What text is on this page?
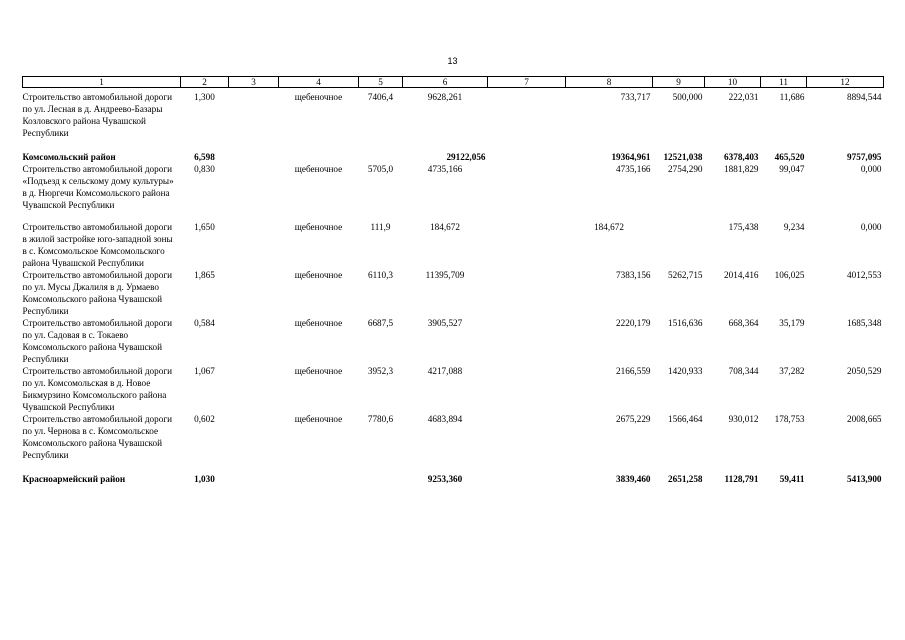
13
1	2	3	4	5	6	7	8	9	10	11	12
Строительство автомобильной дороги по ул. Лесная в д. Андреево-Базары Козловского района Чувашской Республики	1,300		щебеночное	7406,4	9628,261		733,717	500,000	222,031	11,686	8894,544
Комсомольский район	6,598				29122,056		19364,961	12521,038	6378,403	465,520	9757,095
Строительство автомобильной дороги «Подъезд к сельскому дому культуры» в д. Нюргечи Комсомольского района Чувашской Республики	0,830		щебеночное	5705,0	4735,166		4735,166	2754,290	1881,829	99,047	0,000
Строительство автомобильной дороги в жилой застройке юго-западной зоны в с. Комсомольское Комсомольского района Чувашской Республики	1,650		щебеночное	111,9	184,672		184,672		175,438	9,234	0,000
Строительство автомобильной дороги по ул. Мусы Джалиля в д. Урмаево Комсомольского района Чувашской Республики	1,865		щебеночное	6110,3	11395,709		7383,156	5262,715	2014,416	106,025	4012,553
Строительство автомобильной дороги по ул. Садовая в с. Токаево Комсомольского района Чувашской Республики	0,584		щебеночное	6687,5	3905,527		2220,179	1516,636	668,364	35,179	1685,348
Строительство автомобильной дороги по ул. Комсомольская в д. Новое Бикмурзино Комсомольского района Чувашской Республики	1,067		щебеночное	3952,3	4217,088		2166,559	1420,933	708,344	37,282	2050,529
Строительство автомобильной дороги по ул. Чернова в с. Комсомольское Комсомольского района Чувашской Республики	0,602		щебеночное	7780,6	4683,894		2675,229	1566,464	930,012	178,753	2008,665
Красноармейский район	1,030				9253,360		3839,460	2651,258	1128,791	59,411	5413,900
